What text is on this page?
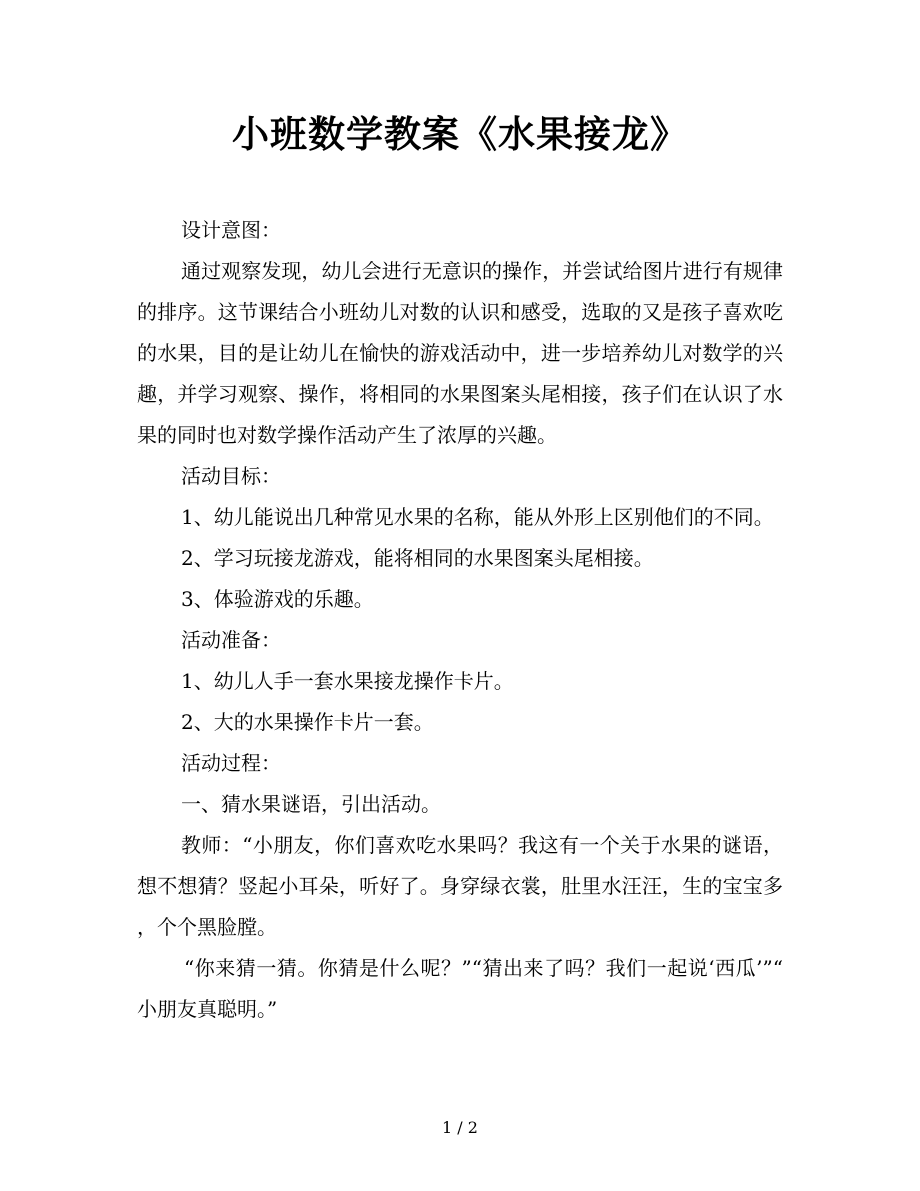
小班数学教案《水果接龙》

设计意图：

通过观察发现，幼儿会进行无意识的操作，并尝试给图片进行有规律的排序。这节课结合小班幼儿对数的认识和感受，选取的又是孩子喜欢吃的水果，目的是让幼儿在愉快的游戏活动中，进一步培养幼儿对数学的兴趣，并学习观察、操作，将相同的水果图案头尾相接，孩子们在认识了水果的同时也对数学操作活动产生了浓厚的兴趣。

活动目标：

1、幼儿能说出几种常见水果的名称，能从外形上区别他们的不同。

2、学习玩接龙游戏，能将相同的水果图案头尾相接。

3、体验游戏的乐趣。

活动准备：

1、幼儿人手一套水果接龙操作卡片。

2、大的水果操作卡片一套。

活动过程：

一、猜水果谜语，引出活动。

教师：“小朋友，你们喜欢吃水果吗？我这有一个关于水果的谜语，想不想猜？竖起小耳朵，听好了。身穿绿衣裳，肚里水汪汪，生的宝宝多，个个黑脸膛。

“你来猜一猜。你猜是什么呢？”“猜出来了吗？我们一起说‘西瓜’”“小朋友真聪明。”

1 / 2
